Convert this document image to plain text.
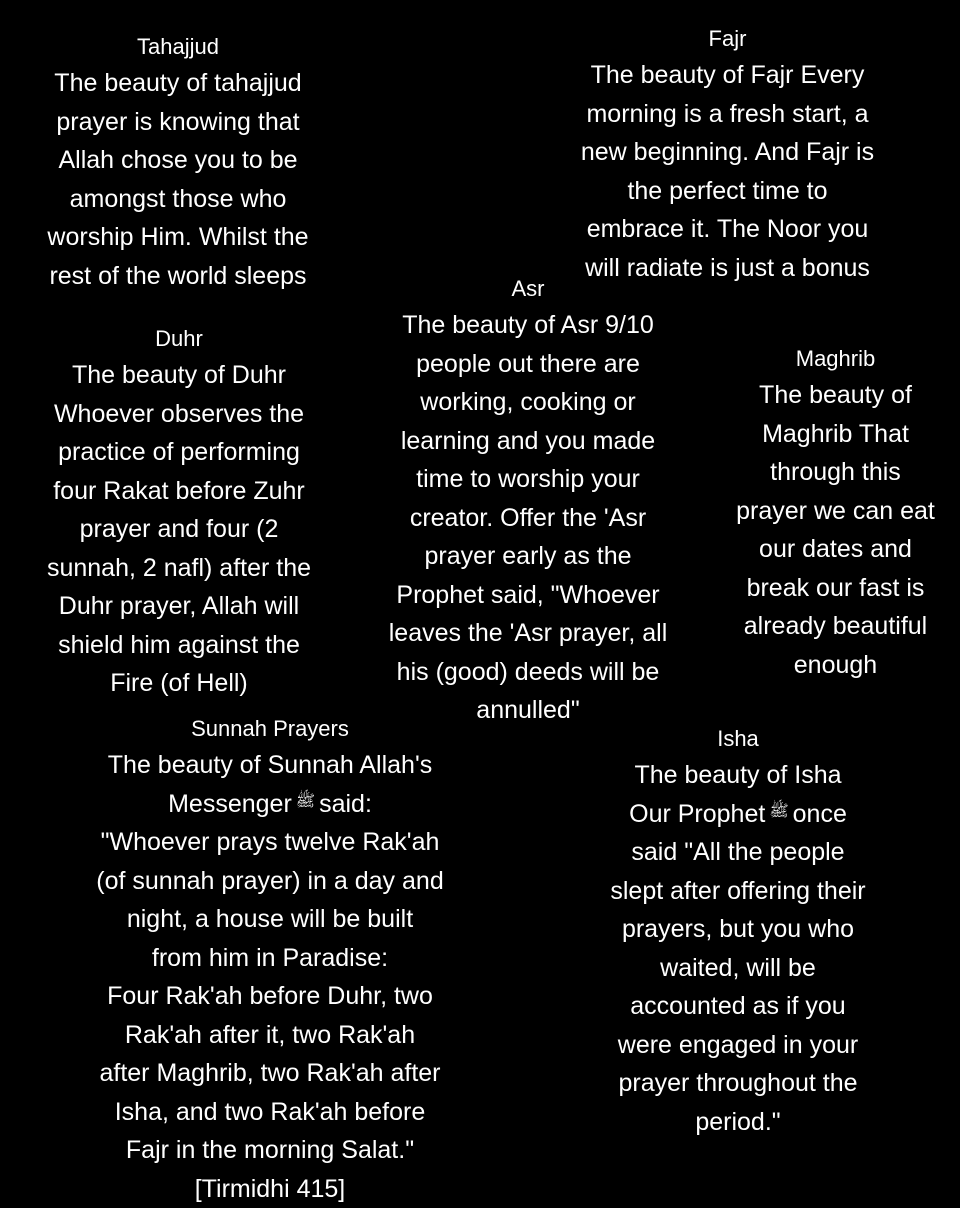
Tahajjud
The beauty of tahajjud
prayer is knowing that
Allah chose you to be
amongst those who
worship Him. Whilst the
rest of the world sleeps
Fajr
The beauty of Fajr Every
morning is a fresh start, a
new beginning. And Fajr is
the perfect time to
embrace it. The Noor you
will radiate is just a bonus
Asr
The beauty of Asr 9/10
people out there are
working, cooking or
learning and you made
time to worship your
creator. Offer the 'Asr
prayer early as the
Prophet said, "Whoever
leaves the 'Asr prayer, all
his (good) deeds will be
annulled"
Duhr
The beauty of Duhr
Whoever observes the
practice of performing
four Rakat before Zuhr
prayer and four (2
sunnah, 2 nafl) after the
Duhr prayer, Allah will
shield him against the
Fire (of Hell)
Maghrib
The beauty of
Maghrib That
through this
prayer we can eat
our dates and
break our fast is
already beautiful
enough
Sunnah Prayers
The beauty of Sunnah Allah's
Messenger ﷺ said:
"Whoever prays twelve Rak'ah
(of sunnah prayer) in a day and
night, a house will be built
from him in Paradise:
Four Rak'ah before Duhr, two
Rak'ah after it, two Rak'ah
after Maghrib, two Rak'ah after
Isha, and two Rak'ah before
Fajr in the morning Salat."
[Tirmidhi 415]
Isha
The beauty of Isha
Our Prophet ﷺ once
said "All the people
slept after offering their
prayers, but you who
waited, will be
accounted as if you
were engaged in your
prayer throughout the
period."
